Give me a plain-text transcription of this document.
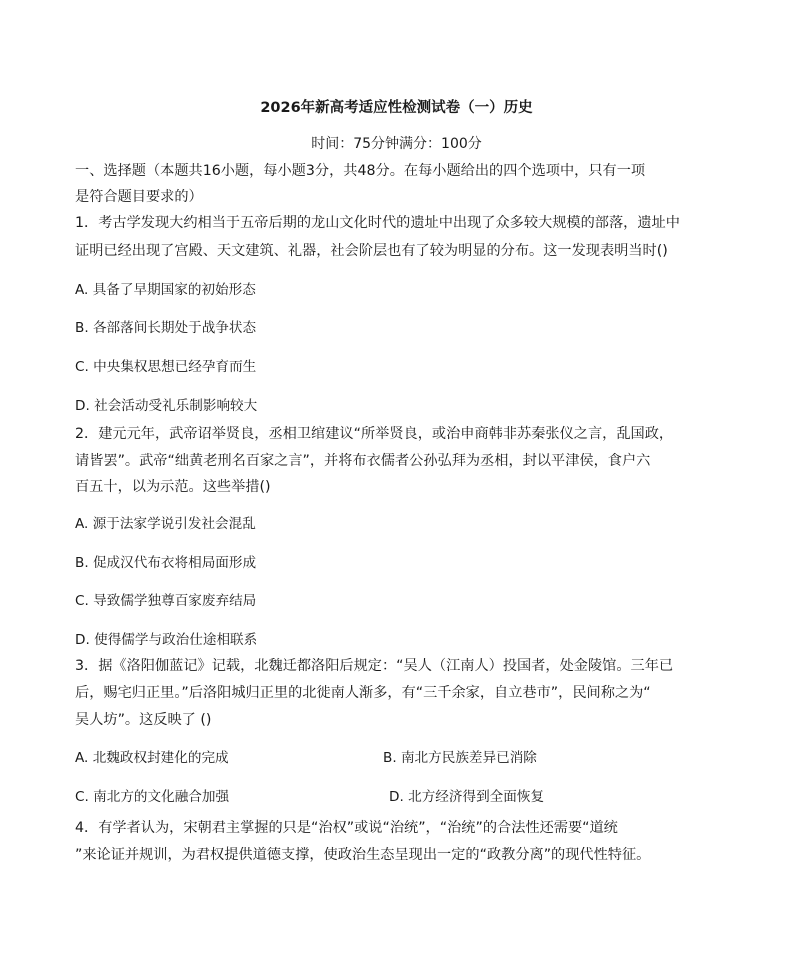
2026年新高考适应性检测试卷（一）历史
时间：75分钟满分：100分
一、选择题（本题共16小题，每小题3分，共48分。在每小题给出的四个选项中，只有一项
是符合题目要求的）
1．考古学发现大约相当于五帝后期的龙山文化时代的遗址中出现了众多较大规模的部落，遗址中
证明已经出现了宫殿、天文建筑、礼器，社会阶层也有了较为明显的分布。这一发现表明当时()
A. 具备了早期国家的初始形态
B. 各部落间长期处于战争状态
C. 中央集权思想已经孕育而生
D. 社会活动受礼乐制影响较大
2．建元元年，武帝诏举贤良，丞相卫绾建议“所举贤良，或治申商韩非苏秦张仪之言，乱国政，
请皆罢”。武帝“绌黄老刑名百家之言”，并将布衣儒者公孙弘拜为丞相，封以平津侯，食户六
百五十，以为示范。这些举措()
A. 源于法家学说引发社会混乱
B. 促成汉代布衣将相局面形成
C. 导致儒学独尊百家废弃结局
D. 使得儒学与政治仕途相联系
3．据《洛阳伽蓝记》记载，北魏迁都洛阳后规定：“吴人（江南人）投国者，处金陵馆。三年已
后，赐宅归正里。”后洛阳城归正里的北徙南人渐多，有“三千余家，自立巷市”，民间称之为“
吴人坊”。这反映了 ()
A. 北魏政权封建化的完成	B. 南北方民族差异已消除
C. 南北方的文化融合加强	D. 北方经济得到全面恢复
4．有学者认为，宋朝君主掌握的只是“治权”或说“治统”，“治统”的合法性还需要“道统
”来论证并规训，为君权提供道德支撑，使政治生态呈现出一定的“政教分离”的现代性特征。
